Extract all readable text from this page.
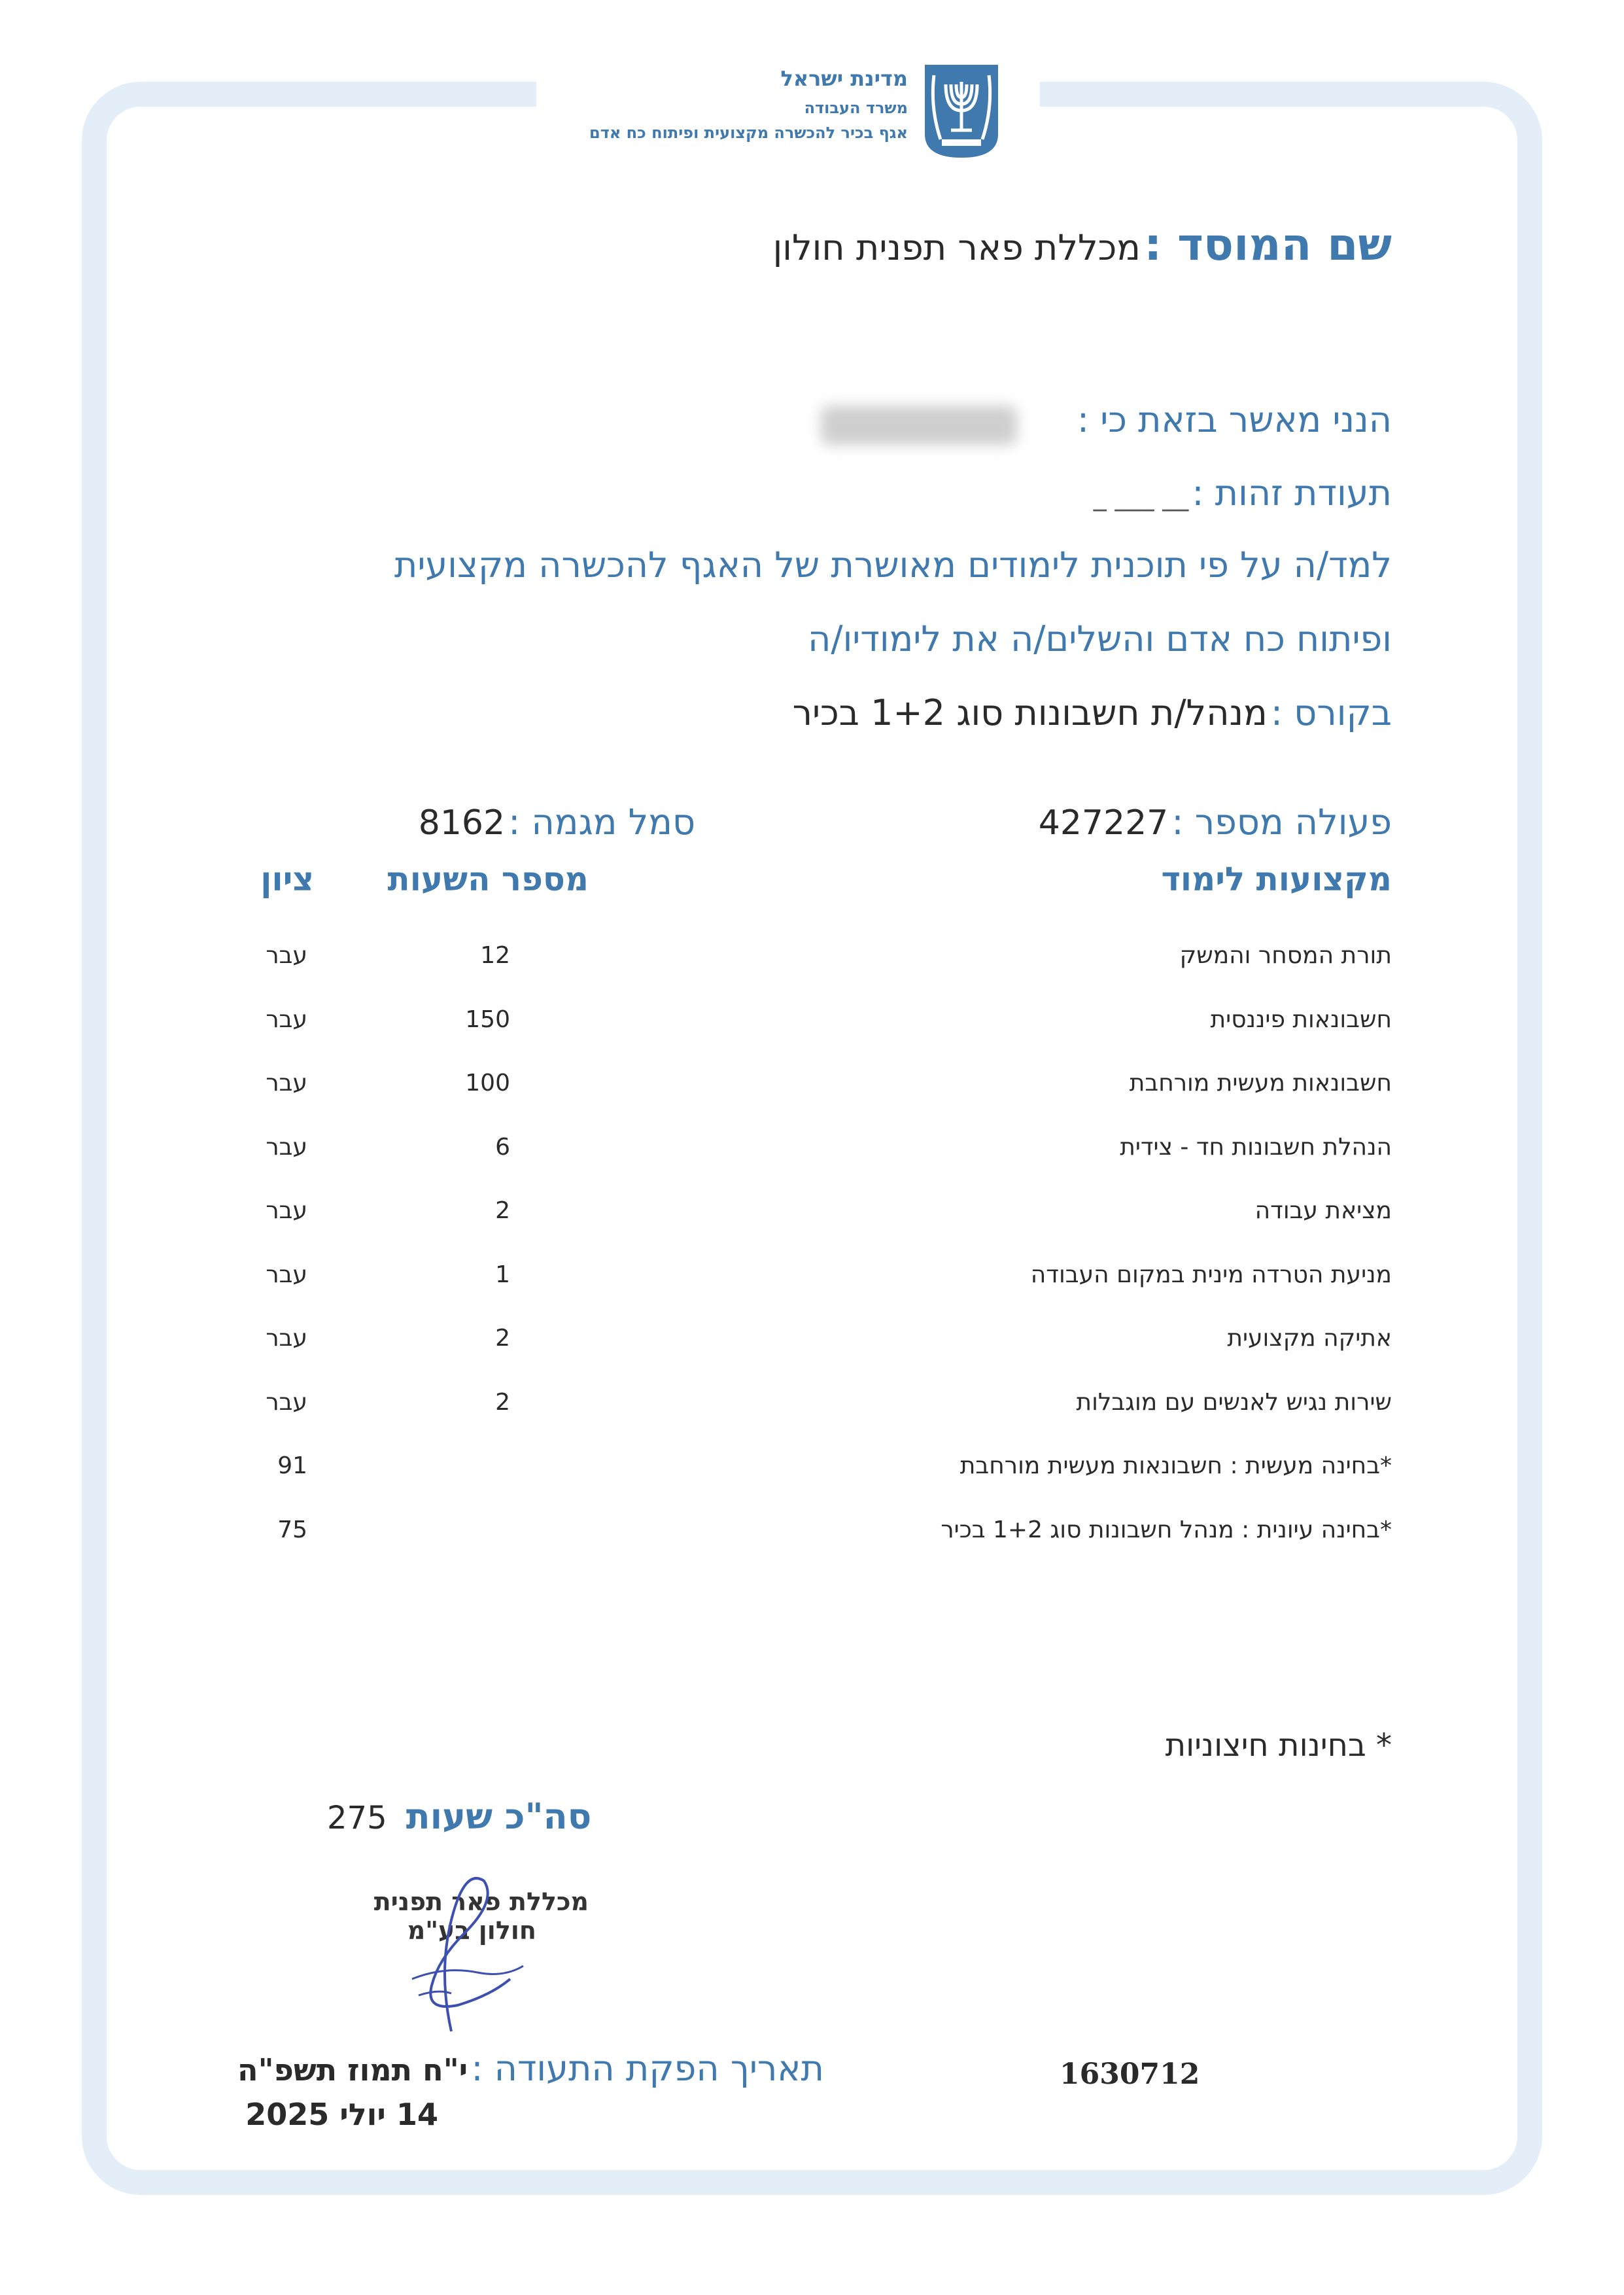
מדינת ישראל
משרד העבודה
אגף בכיר להכשרה מקצועית ופיתוח כח אדם
שם המוסד : מכללת פאר תפנית חולון
הנני מאשר בזאת כי :
תעודת זהות : __ ___ _
למד/ה על פי תוכנית לימודים מאושרת של האגף להכשרה מקצועית
ופיתוח כח אדם והשלים/ה את לימודיו/ה
בקורס : מנהל/ת חשבונות סוג 1+2 בכיר
פעולה מספר : 427227
סמל מגמה : 8162
מקצועות לימוד
מספר השעות
ציון
תורת המסחר והמשק
12
עבר
חשבונאות פיננסית
150
עבר
חשבונאות מעשית מורחבת
100
עבר
הנהלת חשבונות חד - צידית
6
עבר
מציאת עבודה
2
עבר
מניעת הטרדה מינית במקום העבודה
1
עבר
אתיקה מקצועית
2
עבר
שירות נגיש לאנשים עם מוגבלות
2
עבר
*בחינה מעשית : חשבונאות מעשית מורחבת
91
*בחינה עיונית : מנהל חשבונות סוג 1+2 בכיר
75
* בחינות חיצוניות
סה"כ שעות 275
מכללת פאר תפנית
חולון בע"מ
תאריך הפקת התעודה : י"ח תמוז תשפ"ה
14 יולי 2025
1630712
